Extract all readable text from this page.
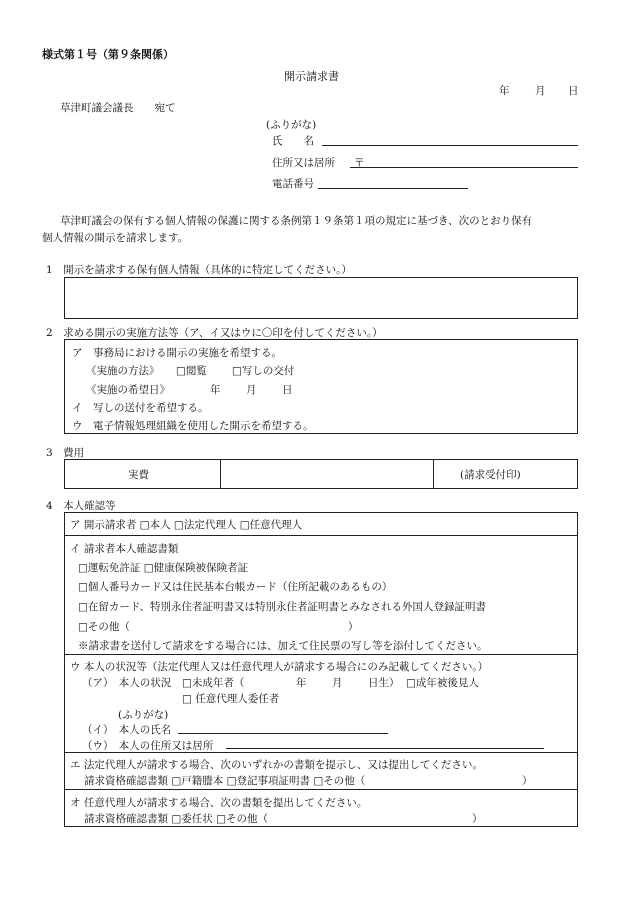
様式第１号（第９条関係）
開示請求書
年 月 日
草津町議会議長　　宛て
(ふりがな)
氏　　名
住所又は居所 〒
電話番号
草津町議会の保有する個人情報の保護に関する条例第１９条第１項の規定に基づき、次のとおり保有
個人情報の開示を請求します。
1　開示を請求する保有個人情報（具体的に特定してください。）
2　求める開示の実施方法等（ア、イ又はウに〇印を付してください。）
ア　事務局における開示の実施を希望する。
《実施の方法》 □閲覧 □写しの交付
《実施の希望日》	年 月 日
イ　写しの送付を希望する。
ウ　電子情報処理組織を使用した開示を希望する。
3　費用
実費	(請求受付印)
4　本人確認等
ア 開示請求者 □本人 □法定代理人 □任意代理人
イ 請求者本人確認書類
□運転免許証 □健康保険被保険者証
□個人番号カード又は住民基本台帳カード（住所記載のあるもの）
□在留カード、特別永住者証明書又は特別永住者証明書とみなされる外国人登録証明書
□その他（	）
※請求書を送付して請求をする場合には、加えて住民票の写し等を添付してください。
ウ 本人の状況等（法定代理人又は任意代理人が請求する場合にのみ記載してください。）
（ア）　本人の状況 □未成年者（	年 月 日生） □成年被後見人
□ 任意代理人委任者
(ふりがな)
（イ）　本人の氏名
（ウ）　本人の住所又は居所
エ 法定代理人が請求する場合、次のいずれかの書類を提示し、又は提出してください。
請求資格確認書類 □戸籍謄本 □登記事項証明書 □その他（	）
オ 任意代理人が請求する場合、次の書類を提出してください。
請求資格確認書類 □委任状 □その他（	）
